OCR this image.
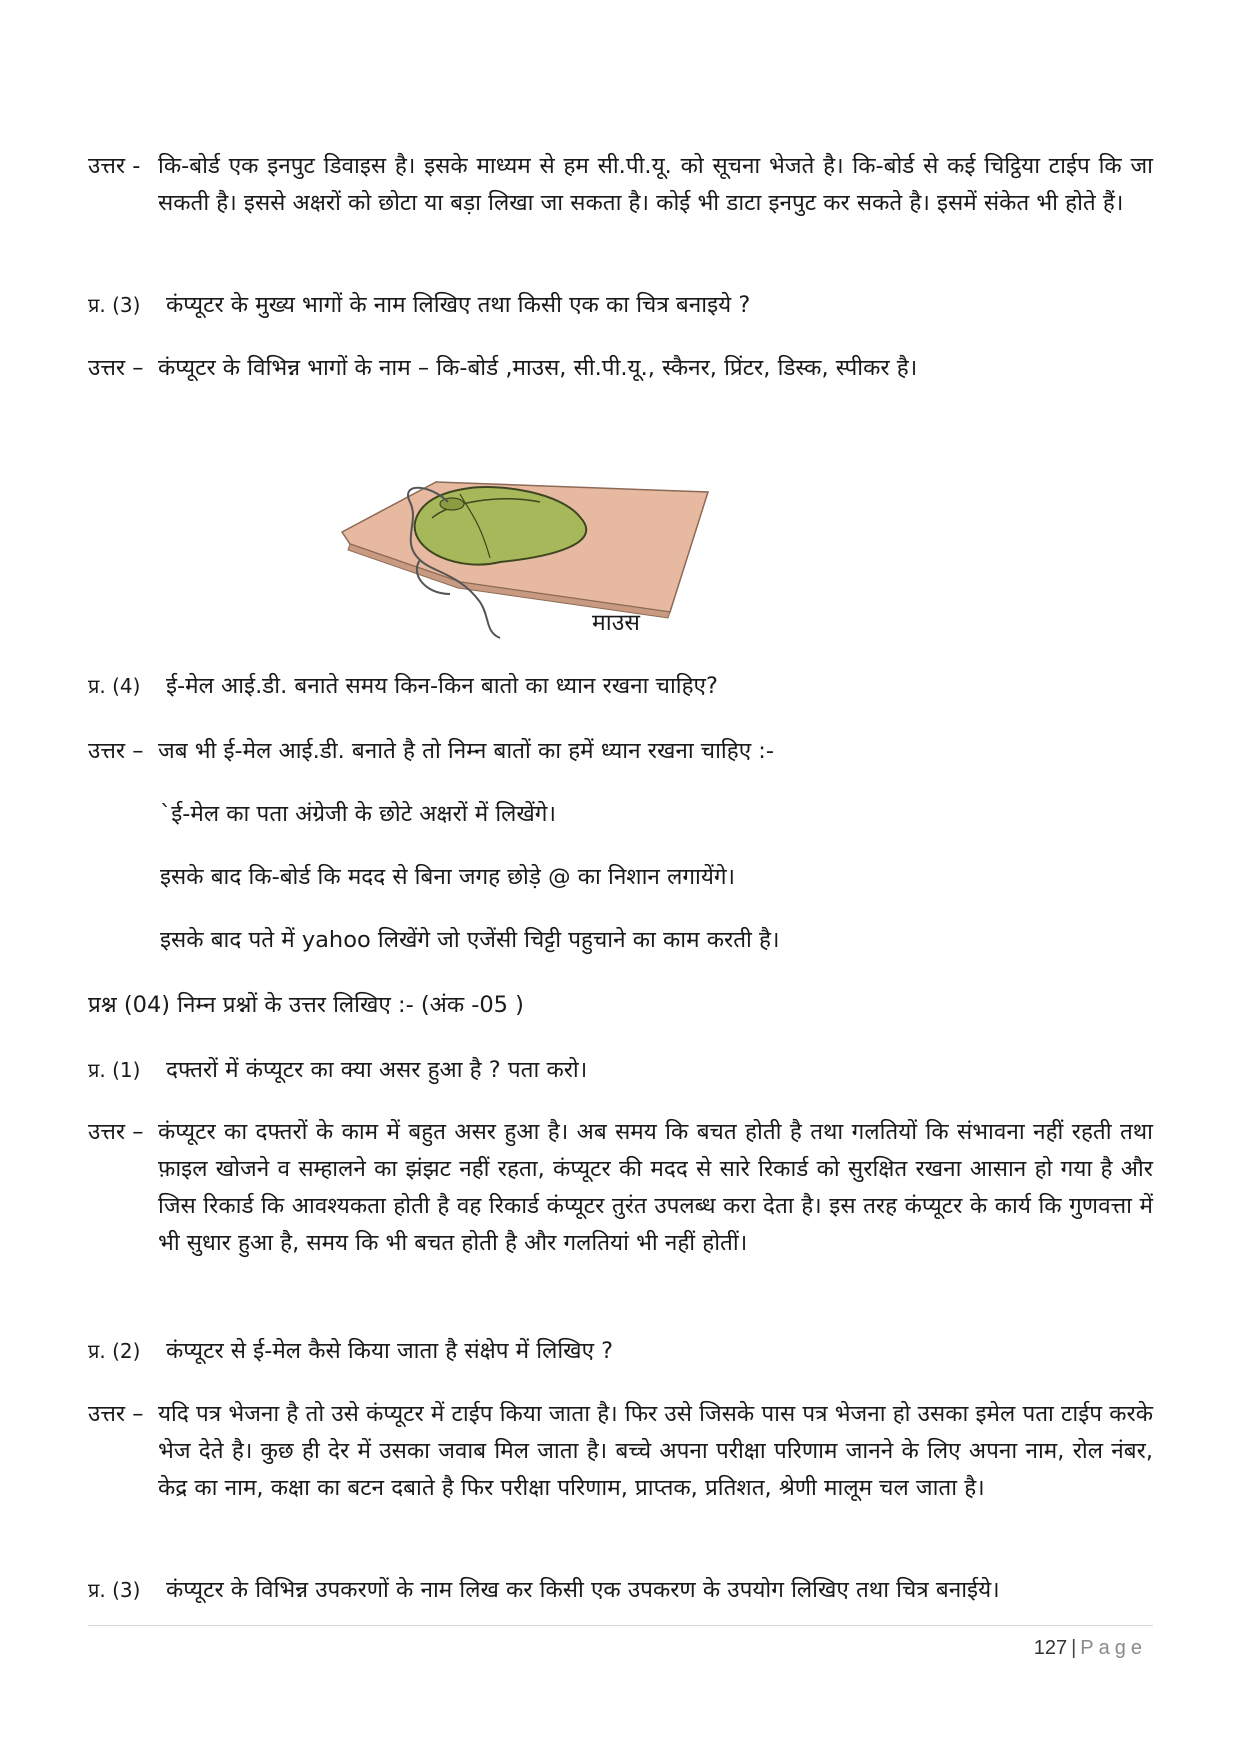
उत्तर - कि-बोर्ड एक इनपुट डिवाइस है। इसके माध्यम से हम सी.पी.यू. को सूचना भेजते है। कि-बोर्ड से कई चिट्ठिया टाईप कि जा सकती है। इससे अक्षरों को छोटा या बड़ा लिखा जा सकता है। कोई भी डाटा इनपुट कर सकते है। इसमें संकेत भी होते हैं।
प्र. (3)	कंप्यूटर के मुख्य भागों के नाम लिखिए तथा किसी एक का चित्र बनाइये ?
उत्तर – कंप्यूटर के विभिन्न भागों के नाम – कि-बोर्ड ,माउस, सी.पी.यू., स्कैनर, प्रिंटर, डिस्क, स्पीकर है।
माउस
प्र. (4)	ई-मेल आई.डी. बनाते समय किन-किन बातो का ध्यान रखना चाहिए?
उत्तर – जब भी ई-मेल आई.डी. बनाते है तो निम्न बातों का हमें ध्यान रखना चाहिए :-
`ई-मेल का पता अंग्रेजी के छोटे अक्षरों में लिखेंगे।
इसके बाद कि-बोर्ड कि मदद से बिना जगह छोड़े @ का निशान लगायेंगे।
इसके बाद पते में yahoo लिखेंगे जो एजेंसी चिट्टी पहुचाने का काम करती है।
प्रश्न (04) निम्न प्रश्नों के उत्तर लिखिए :- (अंक -05 )
प्र. (1)	दफ्तरों में कंप्यूटर का क्या असर हुआ है ? पता करो।
उत्तर – कंप्यूटर का दफ्तरों के काम में बहुत असर हुआ है। अब समय कि बचत होती है तथा गलतियों कि संभावना नहीं रहती तथा फ़ाइल खोजने व सम्हालने का झंझट नहीं रहता, कंप्यूटर की मदद से सारे रिकार्ड को सुरक्षित रखना आसान हो गया है और जिस रिकार्ड कि आवश्यकता होती है वह रिकार्ड कंप्यूटर तुरंत उपलब्ध करा देता है। इस तरह कंप्यूटर के कार्य कि गुणवत्ता में भी सुधार हुआ है, समय कि भी बचत होती है और गलतियां भी नहीं होतीं।
प्र. (2)	कंप्यूटर से ई-मेल कैसे किया जाता है संक्षेप में लिखिए ?
उत्तर – यदि पत्र भेजना है तो उसे कंप्यूटर में टाईप किया जाता है। फिर उसे जिसके पास पत्र भेजना हो उसका इमेल पता टाईप करके भेज देते है। कुछ ही देर में उसका जवाब मिल जाता है। बच्चे अपना परीक्षा परिणाम जानने के लिए अपना नाम, रोल नंबर, केद्र का नाम, कक्षा का बटन दबाते है फिर परीक्षा परिणाम, प्राप्तक, प्रतिशत, श्रेणी मालूम चल जाता है।
प्र. (3)	कंप्यूटर के विभिन्न उपकरणों के नाम लिख कर किसी एक उपकरण के उपयोग लिखिए तथा चित्र बनाईये।
127 | Page
